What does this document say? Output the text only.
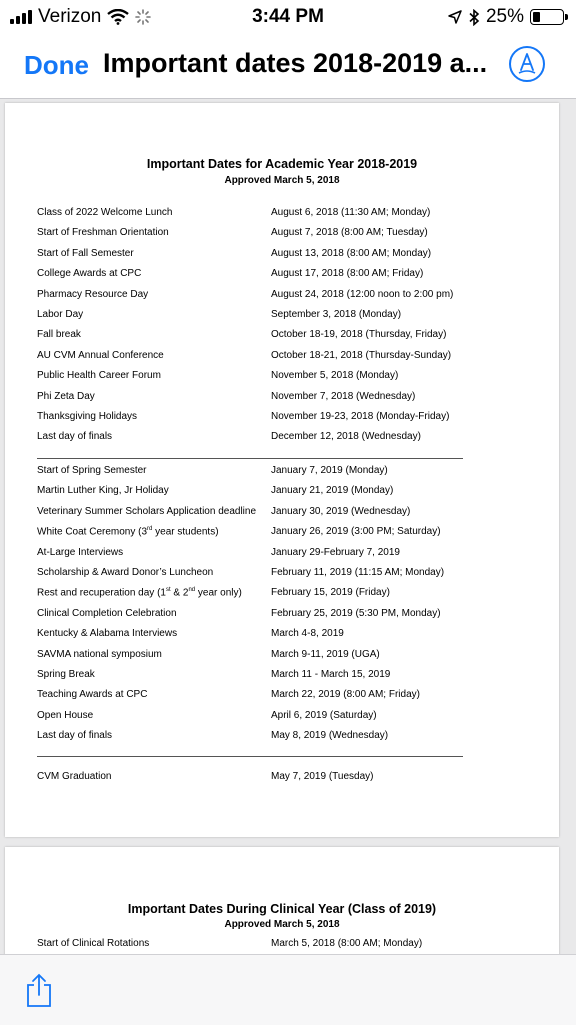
Verizon	3:44 PM	25%
Done Important dates 2018-2019 a...
Important Dates for Academic Year 2018-2019
Approved March 5, 2018
Class of 2022 Welcome Lunch	August 6, 2018 (11:30 AM; Monday)
Start of Freshman Orientation	August 7, 2018 (8:00 AM; Tuesday)
Start of Fall Semester	August 13, 2018 (8:00 AM; Monday)
College Awards at CPC	August 17, 2018 (8:00 AM; Friday)
Pharmacy Resource Day	August 24, 2018 (12:00 noon to 2:00 pm)
Labor Day	September 3, 2018 (Monday)
Fall break	October 18-19, 2018 (Thursday, Friday)
AU CVM Annual Conference	October 18-21, 2018 (Thursday-Sunday)
Public Health Career Forum	November 5, 2018 (Monday)
Phi Zeta Day	November 7, 2018 (Wednesday)
Thanksgiving Holidays	November 19-23, 2018 (Monday-Friday)
Last day of finals	December 12, 2018 (Wednesday)
Start of Spring Semester	January 7, 2019 (Monday)
Martin Luther King, Jr Holiday	January 21, 2019 (Monday)
Veterinary Summer Scholars Application deadline January 30, 2019 (Wednesday)
White Coat Ceremony (3rd year students)	January 26, 2019 (3:00 PM; Saturday)
At-Large Interviews	January 29-February 7, 2019
Scholarship & Award Donor’s Luncheon	February 11, 2019 (11:15 AM; Monday)
Rest and recuperation day (1st & 2nd year only)	February 15, 2019 (Friday)
Clinical Completion Celebration	February 25, 2019 (5:30 PM, Monday)
Kentucky & Alabama Interviews	March 4-8, 2019
SAVMA national symposium	March 9-11, 2019 (UGA)
Spring Break	March 11 - March 15, 2019
Teaching Awards at CPC	March 22, 2019 (8:00 AM; Friday)
Open House	April 6, 2019 (Saturday)
Last day of finals	May 8, 2019 (Wednesday)
CVM Graduation	May 7, 2019 (Tuesday)
Important Dates During Clinical Year (Class of 2019)
Approved March 5, 2018
Start of Clinical Rotations	March 5, 2018 (8:00 AM; Monday)
